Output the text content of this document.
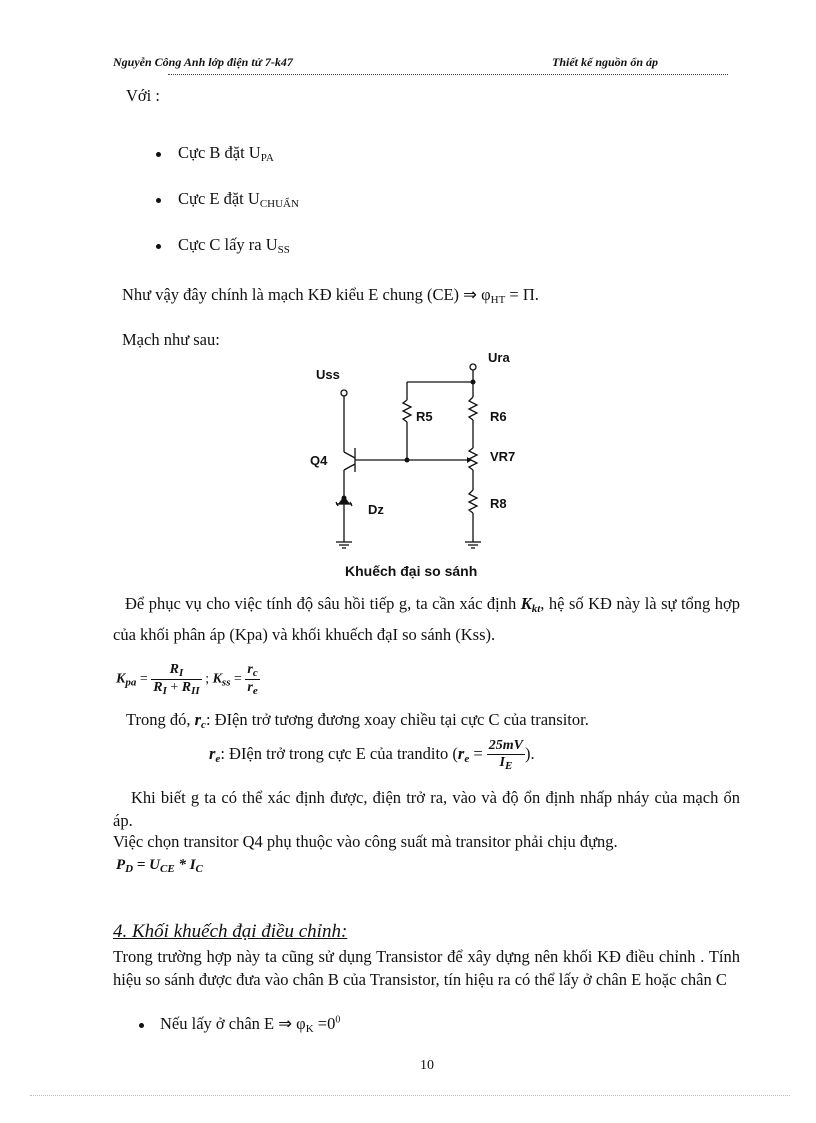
Nguyễn Công Anh lớp điện tử 7-k47	Thiết kế nguồn ổn áp
Với :
Cực B đặt $U_{PA}$
Cực E đặt $U_{CHUẨN}$
Cực C lấy ra $U_{SS}$
Như vậy đây chính là mạch KĐ kiểu E chung (CE) ⇒ $\varphi_{HT} = \Pi$.
Mạch như sau:
Uss
Ura
R5	R6
Q4	VR7
Dz	R8
Khuếch đại so sánh
Để phục vụ cho việc tính độ sâu hồi tiếp g, ta cần xác định $K_{kt}$, hệ số KĐ này là sự tổng hợp của khối phân áp (Kpa) và khối khuếch đạI so sánh (Kss).
$K_{pa} = \frac{R_I}{R_I + R_{II}}$ ; $K_{ss} = \frac{r_c}{r_e}$
Trong đó, $r_c$: ĐIện trở tương đương xoay chiều tại cực C của transitor.
$r_e$: ĐIện trở trong cực E của trandito ($r_e = \frac{25mV}{I_E}$ ).
Khi biết g ta có thể xác định được, điện trở ra, vào và độ ổn định nhấp nháy của mạch ổn áp.
Việc chọn transitor Q4 phụ thuộc vào công suất mà transitor phải chịu đựng.
$P_D = U_{CE} * I_C$
4. Khối khuếch đại điều chỉnh:
Trong trường hợp này ta cũng sử dụng Transistor để xây dựng nên khối KĐ điều chỉnh . Tính hiệu so sánh được đưa vào chân B của Transistor, tín hiệu ra có thể lấy ở chân E hoặc chân C
Nếu lấy ở chân E ⇒ $\varphi_K =0^0$
10
